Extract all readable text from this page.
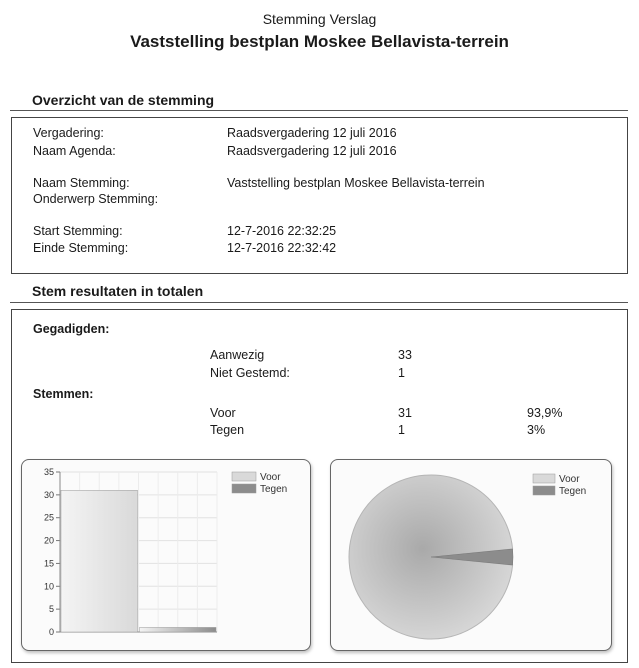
Stemming Verslag
Vaststelling bestplan Moskee Bellavista-terrein
Overzicht van de stemming
Vergadering:	Raadsvergadering 12 juli 2016
Naam Agenda:	Raadsvergadering 12 juli 2016
Naam Stemming:	Vaststelling bestplan Moskee Bellavista-terrein
Onderwerp Stemming:
Start Stemming:	12-7-2016 22:32:25
Einde Stemming:	12-7-2016 22:32:42
Stem resultaten in totalen
Gegadigden:
Aanwezig	33
Niet Gestemd:	1
Stemmen:
Voor	31	93,9%
Tegen	1	3%
0
5
10
15
20
25
30
35	Voor
Tegen
Voor
Tegen
